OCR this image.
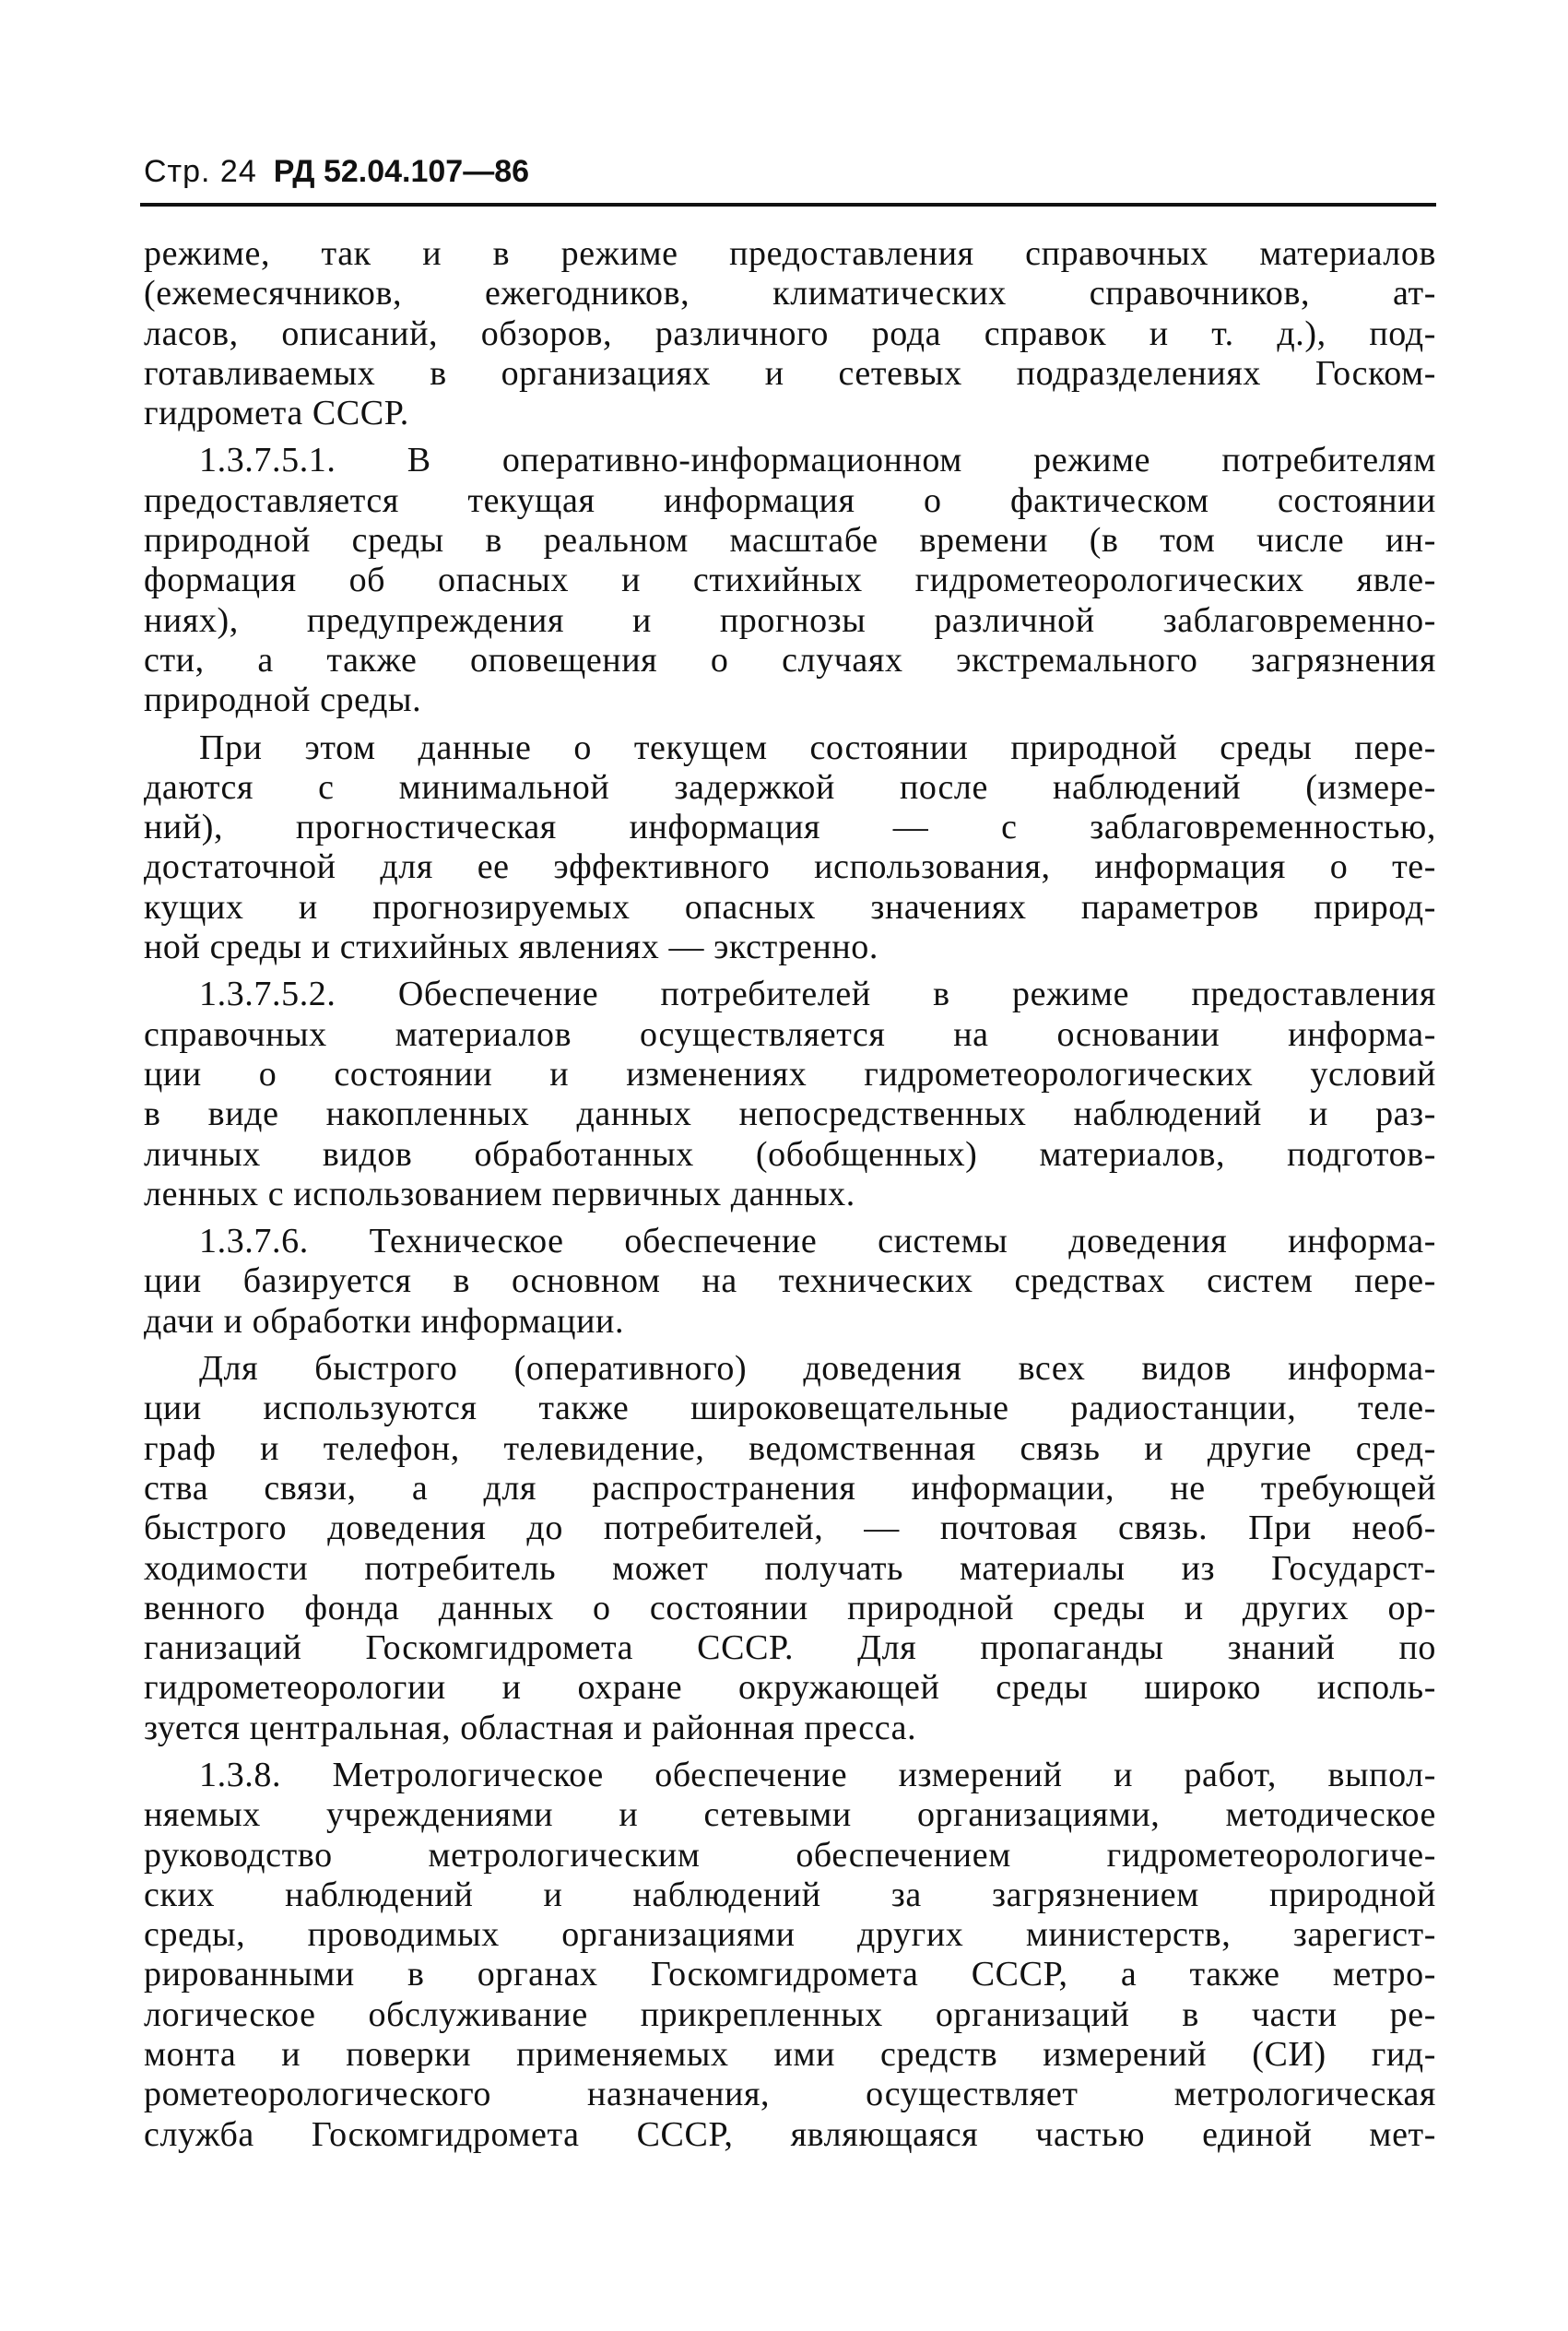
Стр. 24 РД 52.04.107—86
режиме, так и в режиме предоставления справочных материалов
(ежемесячников, ежегодников, климатических справочников, ат-
ласов, описаний, обзоров, различного рода справок и т. д.), под-
готавливаемых в организациях и сетевых подразделениях Госком-
гидромета СССР.
1.3.7.5.1. В оперативно-информационном режиме потребителям
предоставляется текущая информация о фактическом состоянии
природной среды в реальном масштабе времени (в том числе ин-
формация об опасных и стихийных гидрометеорологических явле-
ниях), предупреждения и прогнозы различной заблаговременно-
сти, а также оповещения о случаях экстремального загрязнения
природной среды.
При этом данные о текущем состоянии природной среды пере-
даются с минимальной задержкой после наблюдений (измере-
ний), прогностическая информация — с заблаговременностью,
достаточной для ее эффективного использования, информация о те-
кущих и прогнозируемых опасных значениях параметров природ-
ной среды и стихийных явлениях — экстренно.
1.3.7.5.2. Обеспечение потребителей в режиме предоставления
справочных материалов осуществляется на основании информа-
ции о состоянии и изменениях гидрометеорологических условий
в виде накопленных данных непосредственных наблюдений и раз-
личных видов обработанных (обобщенных) материалов, подготов-
ленных с использованием первичных данных.
1.3.7.6. Техническое обеспечение системы доведения информа-
ции базируется в основном на технических средствах систем пере-
дачи и обработки информации.
Для быстрого (оперативного) доведения всех видов информа-
ции используются также широковещательные радиостанции, теле-
граф и телефон, телевидение, ведомственная связь и другие сред-
ства связи, а для распространения информации, не требующей
быстрого доведения до потребителей, — почтовая связь. При необ-
ходимости потребитель может получать материалы из Государст-
венного фонда данных о состоянии природной среды и других ор-
ганизаций Госкомгидромета СССР. Для пропаганды знаний по
гидрометеорологии и охране окружающей среды широко исполь-
зуется центральная, областная и районная пресса.
1.3.8. Метрологическое обеспечение измерений и работ, выпол-
няемых учреждениями и сетевыми организациями, методическое
руководство метрологическим обеспечением гидрометеорологиче-
ских наблюдений и наблюдений за загрязнением природной
среды, проводимых организациями других министерств, зарегист-
рированными в органах Госкомгидромета СССР, а также метро-
логическое обслуживание прикрепленных организаций в части ре-
монта и поверки применяемых ими средств измерений (СИ) гид-
рометеорологического назначения, осуществляет метрологическая
служба Госкомгидромета СССР, являющаяся частью единой мет-
